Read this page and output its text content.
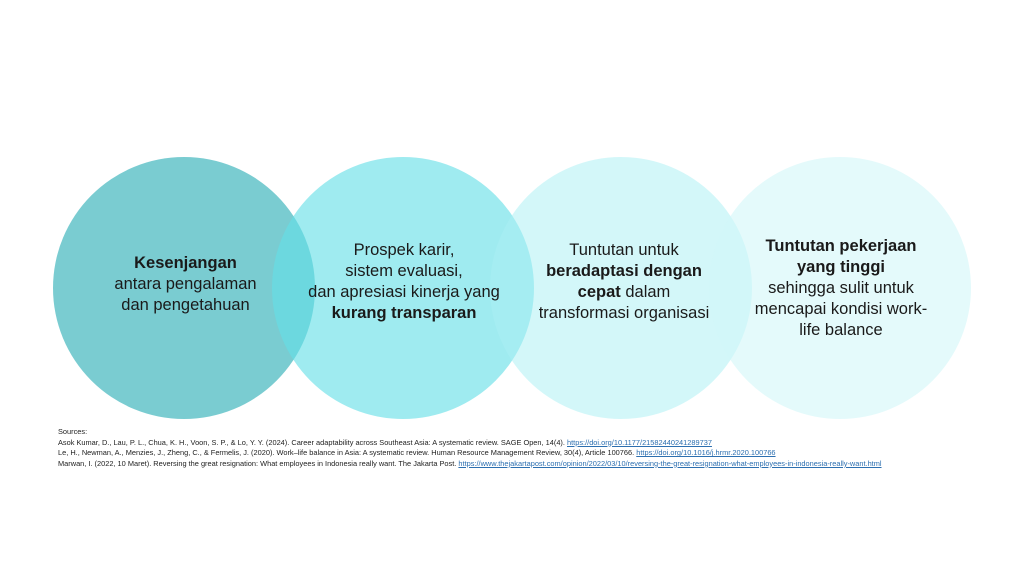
Kesenjangan
antara pengalaman
dan pengetahuan
Prospek karir,
sistem evaluasi,
dan apresiasi kinerja yang
kurang transparan
Tuntutan untuk
beradaptasi dengan
cepat dalam
transformasi organisasi
Tuntutan pekerjaan
yang tinggi
sehingga sulit untuk
mencapai kondisi work-
life balance
Sources:
Asok Kumar, D., Lau, P. L., Chua, K. H., Voon, S. P., & Lo, Y. Y. (2024). Career adaptability across Southeast Asia: A systematic review. SAGE Open, 14(4). https://doi.org/10.1177/21582440241289737
Le, H., Newman, A., Menzies, J., Zheng, C., & Fermelis, J. (2020). Work–life balance in Asia: A systematic review. Human Resource Management Review, 30(4), Article 100766. https://doi.org/10.1016/j.hrmr.2020.100766
Marwan, I. (2022, 10 Maret). Reversing the great resignation: What employees in Indonesia really want. The Jakarta Post. https://www.thejakartapost.com/opinion/2022/03/10/reversing-the-great-resignation-what-employees-in-indonesia-really-want.html
